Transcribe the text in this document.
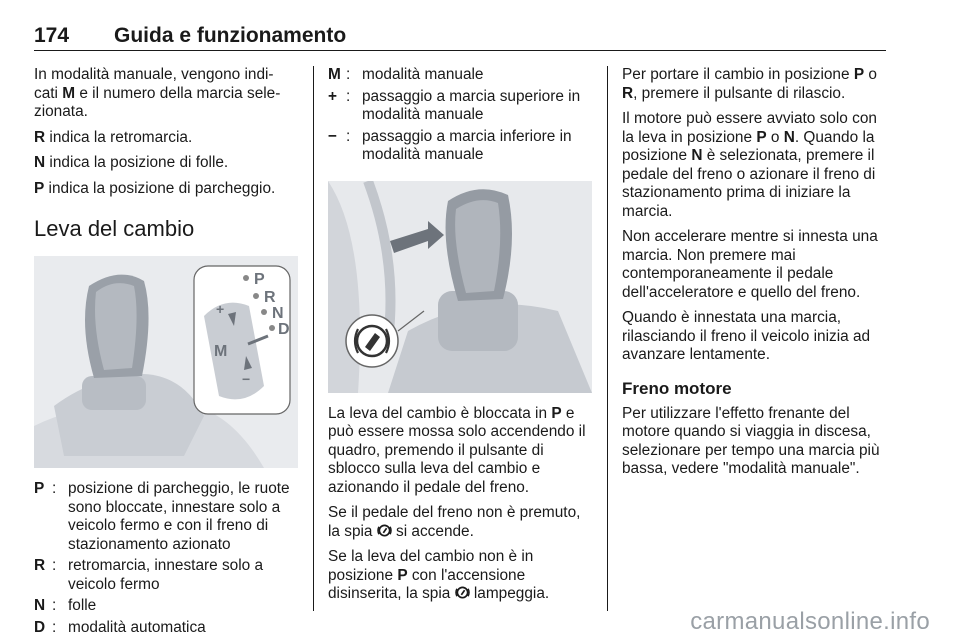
174 Guida e funzionamento

In modalità manuale, vengono indi-
cati M e il numero della marcia sele-
zionata.

R indica la retromarcia.

N indica la posizione di folle.

P indica la posizione di parcheggio.

Leva del cambio
P
R
N
D
M
+
−
P : posizione di parcheggio, le ruote sono bloccate, innestare solo a veicolo fermo e con il freno di stazionamento azionato
R : retromarcia, innestare solo a veicolo fermo
N : folle
D : modalità automatica
M : modalità manuale
+ : passaggio a marcia superiore in modalità manuale
− : passaggio a marcia inferiore in modalità manuale

La leva del cambio è bloccata in P e può essere mossa solo accendendo il quadro, premendo il pulsante di sblocco sulla leva del cambio e azionando il pedale del freno.

Se il pedale del freno non è premuto, la spia  si accende.

Se la leva del cambio non è in posizione P con l'accensione disinserita, la spia  lampeggia.

Per portare il cambio in posizione P o R, premere il pulsante di rilascio.

Il motore può essere avviato solo con la leva in posizione P o N. Quando la posizione N è selezionata, premere il pedale del freno o azionare il freno di stazionamento prima di iniziare la marcia.

Non accelerare mentre si innesta una marcia. Non premere mai contemporaneamente il pedale dell'acceleratore e quello del freno.

Quando è innestata una marcia, rilasciando il freno il veicolo inizia ad avanzare lentamente.

Freno motore

Per utilizzare l'effetto frenante del motore quando si viaggia in discesa, selezionare per tempo una marcia più bassa, vedere "modalità manuale".

carmanualsonline.info
